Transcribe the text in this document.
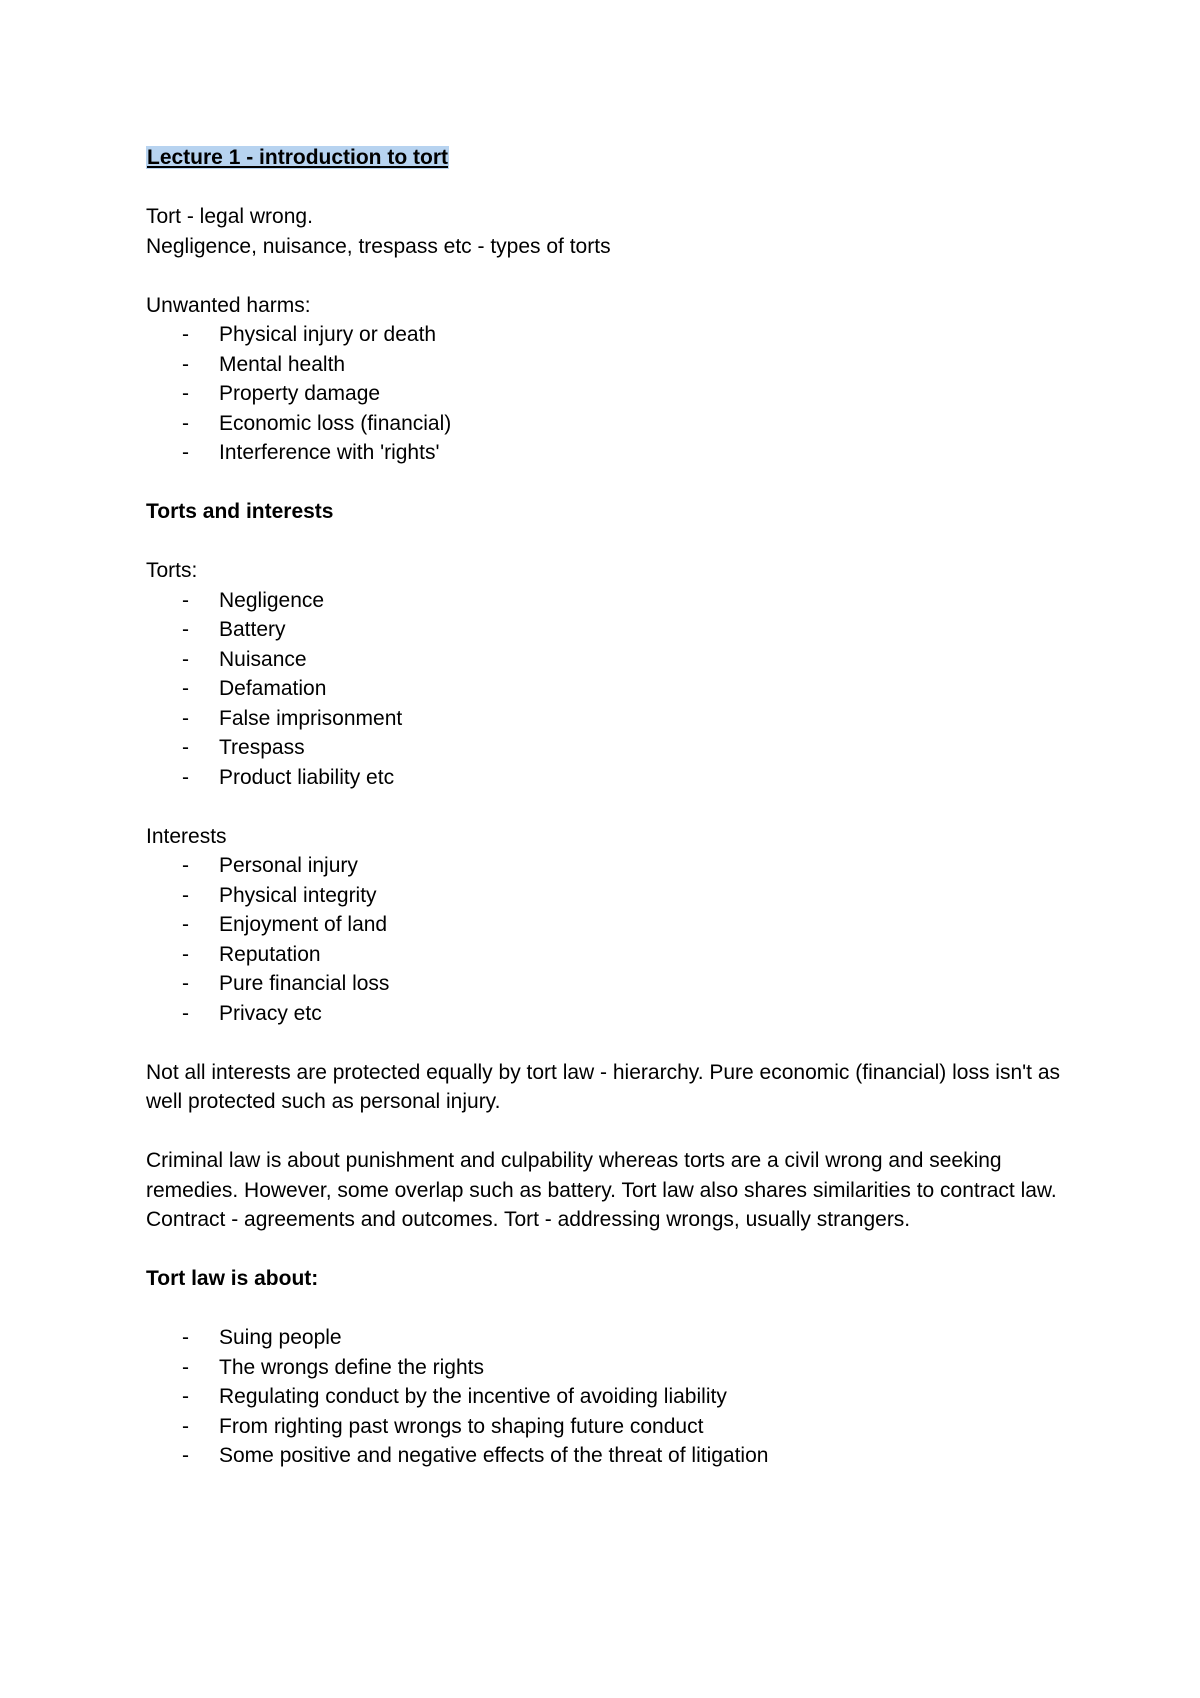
Lecture 1 - introduction to tort

Tort - legal wrong.

Negligence, nuisance, trespass etc - types of torts

Unwanted harms:

- Physical injury or death
- Mental health
- Property damage
- Economic loss (financial)
- Interference with 'rights'

Torts and interests

Torts:

- Negligence
- Battery
- Nuisance
- Defamation
- False imprisonment
- Trespass
- Product liability etc

Interests

- Personal injury
- Physical integrity
- Enjoyment of land
- Reputation
- Pure financial loss
- Privacy etc

Not all interests are protected equally by tort law - hierarchy. Pure economic (financial) loss isn't as well protected such as personal injury.

Criminal law is about punishment and culpability whereas torts are a civil wrong and seeking remedies. However, some overlap such as battery. Tort law also shares similarities to contract law. Contract - agreements and outcomes. Tort - addressing wrongs, usually strangers.

Tort law is about:

- Suing people
- The wrongs define the rights
- Regulating conduct by the incentive of avoiding liability
- From righting past wrongs to shaping future conduct
- Some positive and negative effects of the threat of litigation
